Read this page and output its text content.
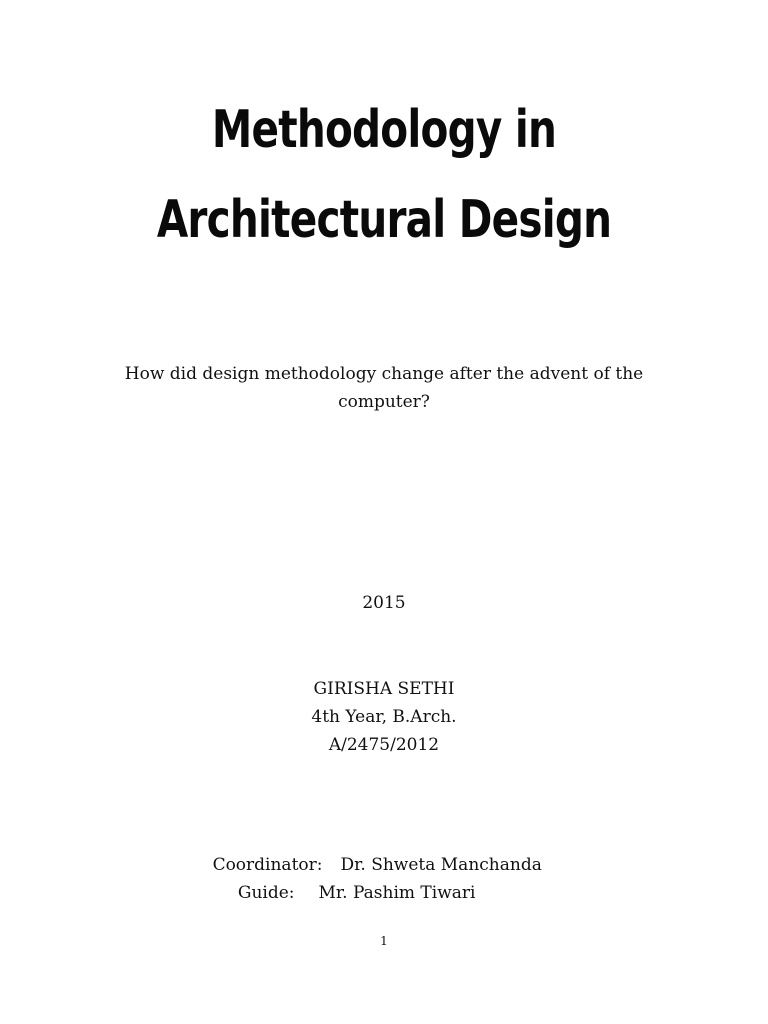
Methodology in
Architectural Design

How did design methodology change after the advent of the computer?

2015

GIRISHA SETHI
4th Year, B.Arch.
A/2475/2012
Coordinator:	Dr. Shweta Manchanda
Guide:	Mr. Pashim Tiwari
1
